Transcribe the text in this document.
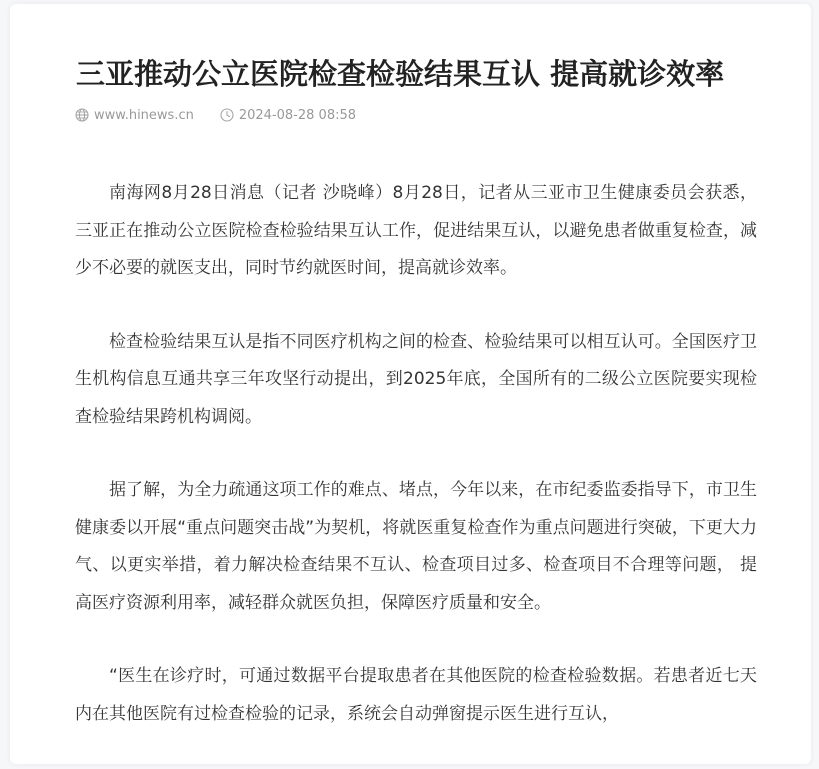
三亚推动公立医院检查检验结果互认 提高就诊效率
www.hinews.cn	2024-08-28 08:58

南海网8月28日消息（记者 沙晓峰）8月28日，记者从三亚市卫生健康委员会获悉，三亚正在推动公立医院检查检验结果互认工作，促进结果互认，以避免患者做重复检查，减少不必要的就医支出，同时节约就医时间，提高就诊效率。

检查检验结果互认是指不同医疗机构之间的检查、检验结果可以相互认可。全国医疗卫生机构信息互通共享三年攻坚行动提出，到2025年底，全国所有的二级公立医院要实现检查检验结果跨机构调阅。

据了解，为全力疏通这项工作的难点、堵点，今年以来，在市纪委监委指导下，市卫生健康委以开展“重点问题突击战”为契机，将就医重复检查作为重点问题进行突破，下更大力气、以更实举措，着力解决检查结果不互认、检查项目过多、检查项目不合理等问题， 提高医疗资源利用率，减轻群众就医负担，保障医疗质量和安全。

“医生在诊疗时，可通过数据平台提取患者在其他医院的检查检验数据。若患者近七天内在其他医院有过检查检验的记录，系统会自动弹窗提示医生进行互认，
